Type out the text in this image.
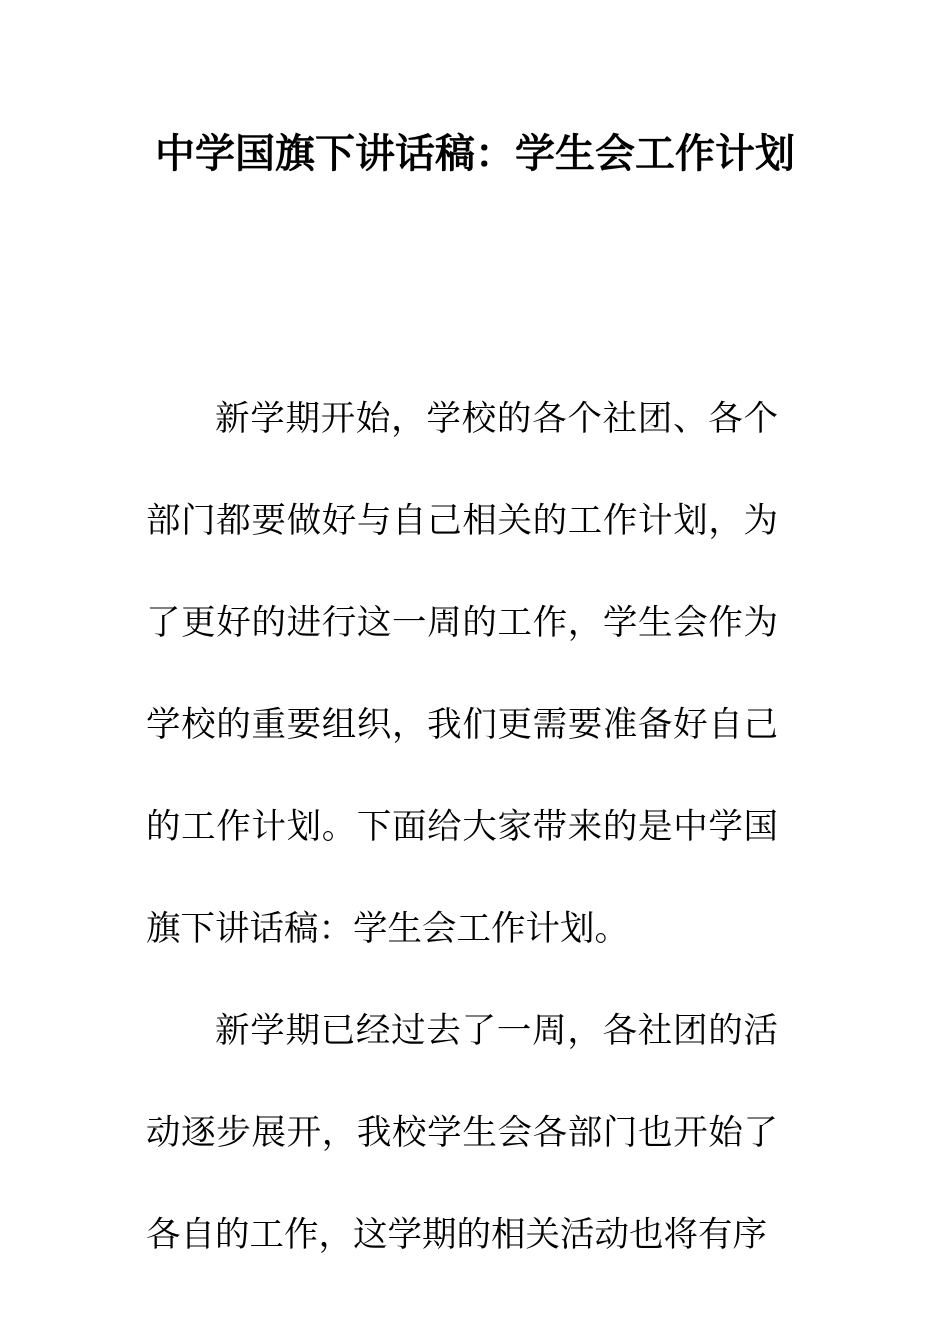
中学国旗下讲话稿：学生会工作计划

新学期开始，学校的各个社团、各个部门都要做好与自己相关的工作计划，为了更好的进行这一周的工作，学生会作为学校的重要组织，我们更需要准备好自己的工作计划。下面给大家带来的是中学国旗下讲话稿：学生会工作计划。

新学期已经过去了一周，各社团的活动逐步展开，我校学生会各部门也开始了各自的工作，这学期的相关活动也将有序
